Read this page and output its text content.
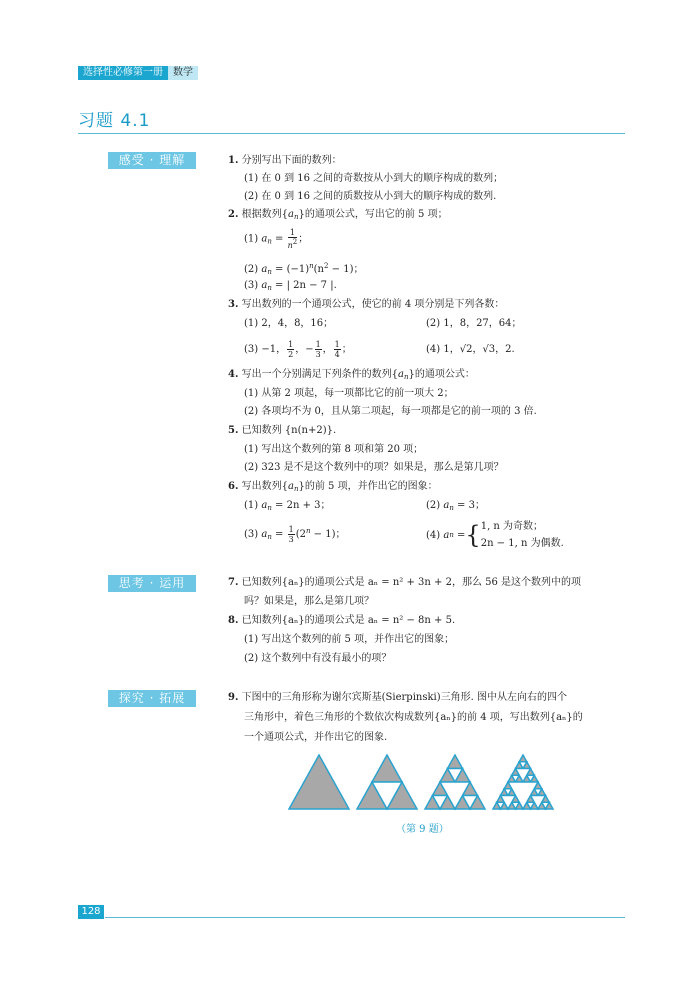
选择性必修第一册	数学
习题 4.1
感受 · 理解	1. 分别写出下面的数列：
(1) 在 0 到 16 之间的奇数按从小到大的顺序构成的数列；
(2) 在 0 到 16 之间的质数按从小到大的顺序构成的数列.
2. 根据数列$\{a_n\}$的通项公式，写出它的前 5 项；
(1) $a_n = \frac{1}{n2}$ ；
(2) $a_n = (-1)^n(n^2 - 1)$；
(3) $a_n$ = | 2n − 7 |.
3. 写出数列的一个通项公式，使它的前 4 项分别是下列各数：
(1) 2，4，8，16；	(2) 1，8，27，64；
(3) −1， $\frac{1}{2}$ ，− $\frac{1}{3}$ ， $\frac{1}{4}$ ；	(4) 1，√2，√3，2.
4. 写出一个分别满足下列条件的数列$\{a_n\}$的通项公式：
(1) 从第 2 项起，每一项都比它的前一项大 2；
(2) 各项均不为 0，且从第二项起，每一项都是它的前一项的 3 倍.
5. 已知数列 {n(n+2)}.
(1) 写出这个数列的第 8 项和第 20 项；
(2) 323 是不是这个数列中的项？如果是，那么是第几项？
6. 写出数列$\{a_n\}$的前 5 项，并作出它的图象：
(1) $a_n = 2n + 3$；	(2) $a_n = 3$；
(3) $a_n = \frac{1}{3} (2^n - 1)$；	(4)
a n
= { 1, n 为奇数；
2n − 1, n 为偶数.
思考 · 运用	7. 已知数列{aₙ}的通项公式是 aₙ = n² + 3n + 2，那么 56 是这个数列中的项
吗？如果是，那么是第几项？
8. 已知数列{aₙ}的通项公式是 aₙ = n² − 8n + 5.
(1) 写出这个数列的前 5 项，并作出它的图象；
(2) 这个数列中有没有最小的项？
探究 · 拓展	9. 下图中的三角形称为谢尔宾斯基(Sierpinski)三角形. 图中从左向右的四个
三角形中，着色三角形的个数依次构成数列{aₙ}的前 4 项，写出数列{aₙ}的
一个通项公式，并作出它的图象.
（第 9 题）
128
